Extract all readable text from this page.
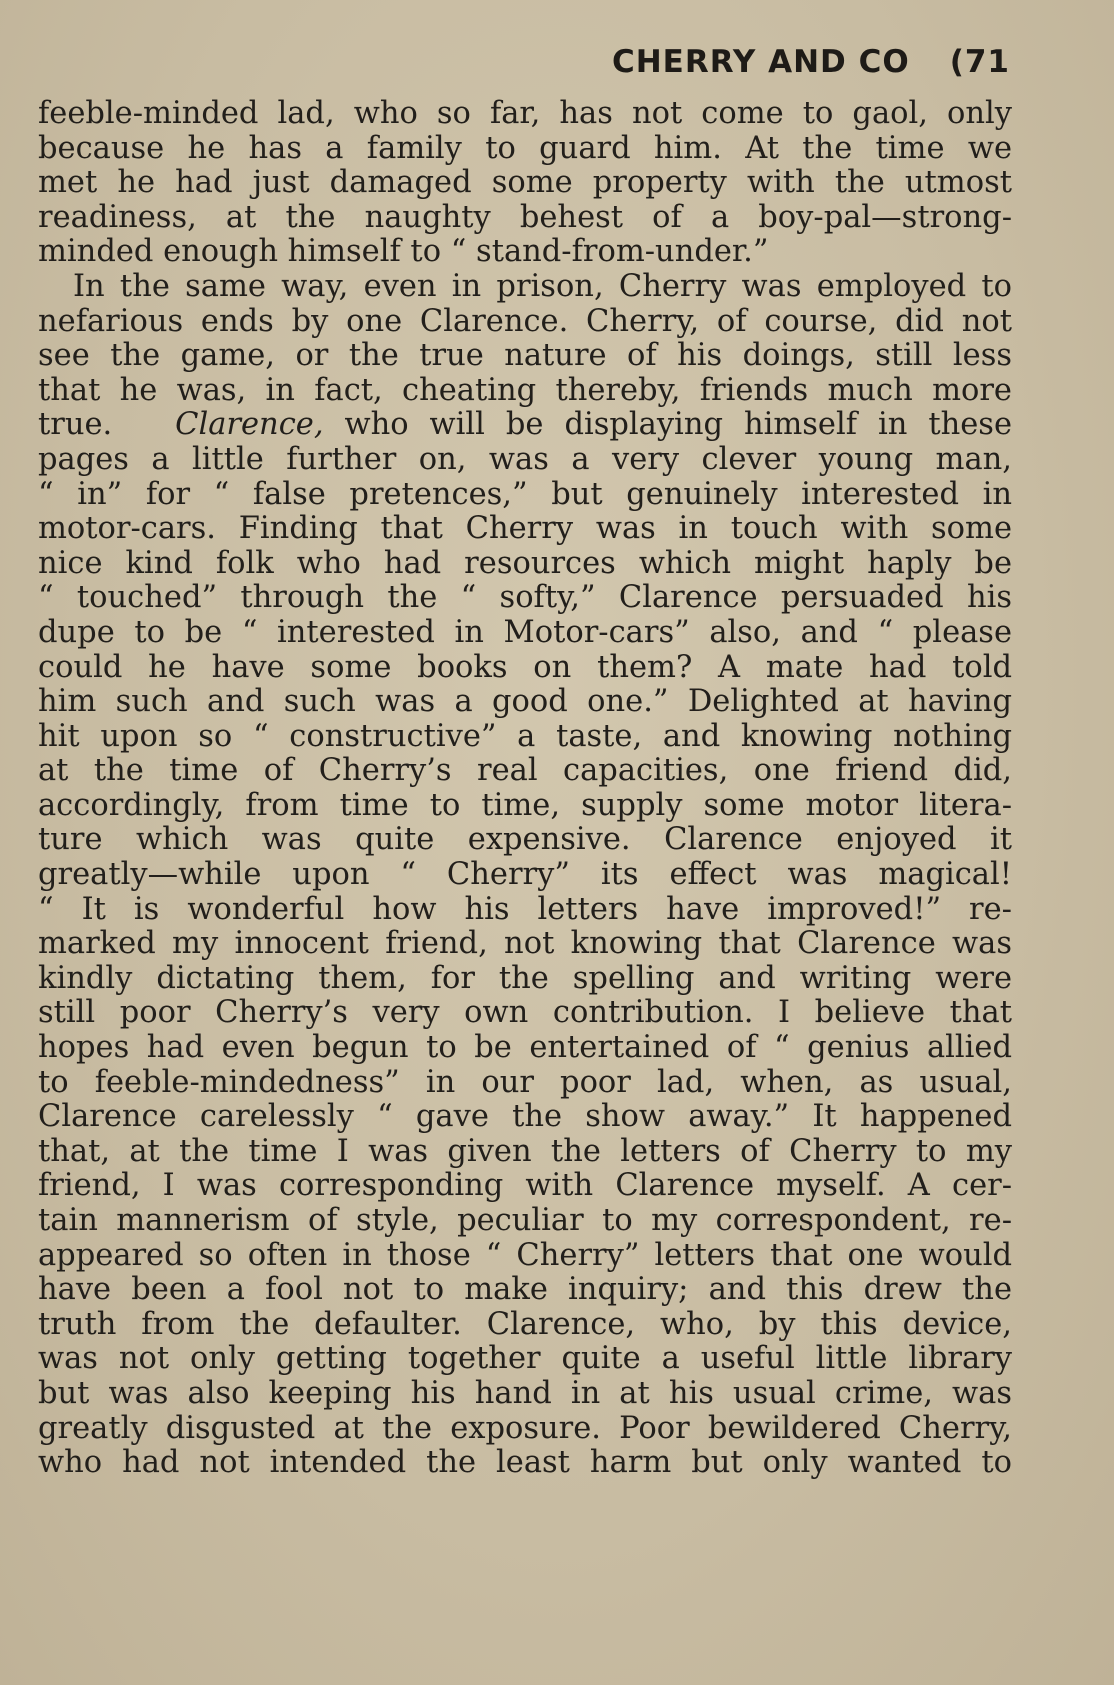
CHERRY AND CO (71
feeble-minded lad, who so far, has not come to gaol, only
because he has a family to guard him. At the time we
met he had just damaged some property with the utmost
readiness, at the naughty behest of a boy-pal—strong-
minded enough himself to “ stand-from-under.”
In the same way, even in prison, Cherry was employed to
nefarious ends by one Clarence. Cherry, of course, did not
see the game, or the true nature of his doings, still less
that he was, in fact, cheating thereby, friends much more
true. Clarence, who will be displaying himself in these
pages a little further on, was a very clever young man,
“ in” for “ false pretences,” but genuinely interested in
motor-cars. Finding that Cherry was in touch with some
nice kind folk who had resources which might haply be
“ touched” through the “ softy,” Clarence persuaded his
dupe to be “ interested in Motor-cars” also, and “ please
could he have some books on them? A mate had told
him such and such was a good one.” Delighted at having
hit upon so “ constructive” a taste, and knowing nothing
at the time of Cherry’s real capacities, one friend did,
accordingly, from time to time, supply some motor litera-
ture which was quite expensive. Clarence enjoyed it
greatly—while upon “ Cherry” its effect was magical!
“ It is wonderful how his letters have improved!” re-
marked my innocent friend, not knowing that Clarence was
kindly dictating them, for the spelling and writing were
still poor Cherry’s very own contribution. I believe that
hopes had even begun to be entertained of “ genius allied
to feeble-mindedness” in our poor lad, when, as usual,
Clarence carelessly “ gave the show away.” It happened
that, at the time I was given the letters of Cherry to my
friend, I was corresponding with Clarence myself. A cer-
tain mannerism of style, peculiar to my correspondent, re-
appeared so often in those “ Cherry” letters that one would
have been a fool not to make inquiry; and this drew the
truth from the defaulter. Clarence, who, by this device,
was not only getting together quite a useful little library
but was also keeping his hand in at his usual crime, was
greatly disgusted at the exposure. Poor bewildered Cherry,
who had not intended the least harm but only wanted to
